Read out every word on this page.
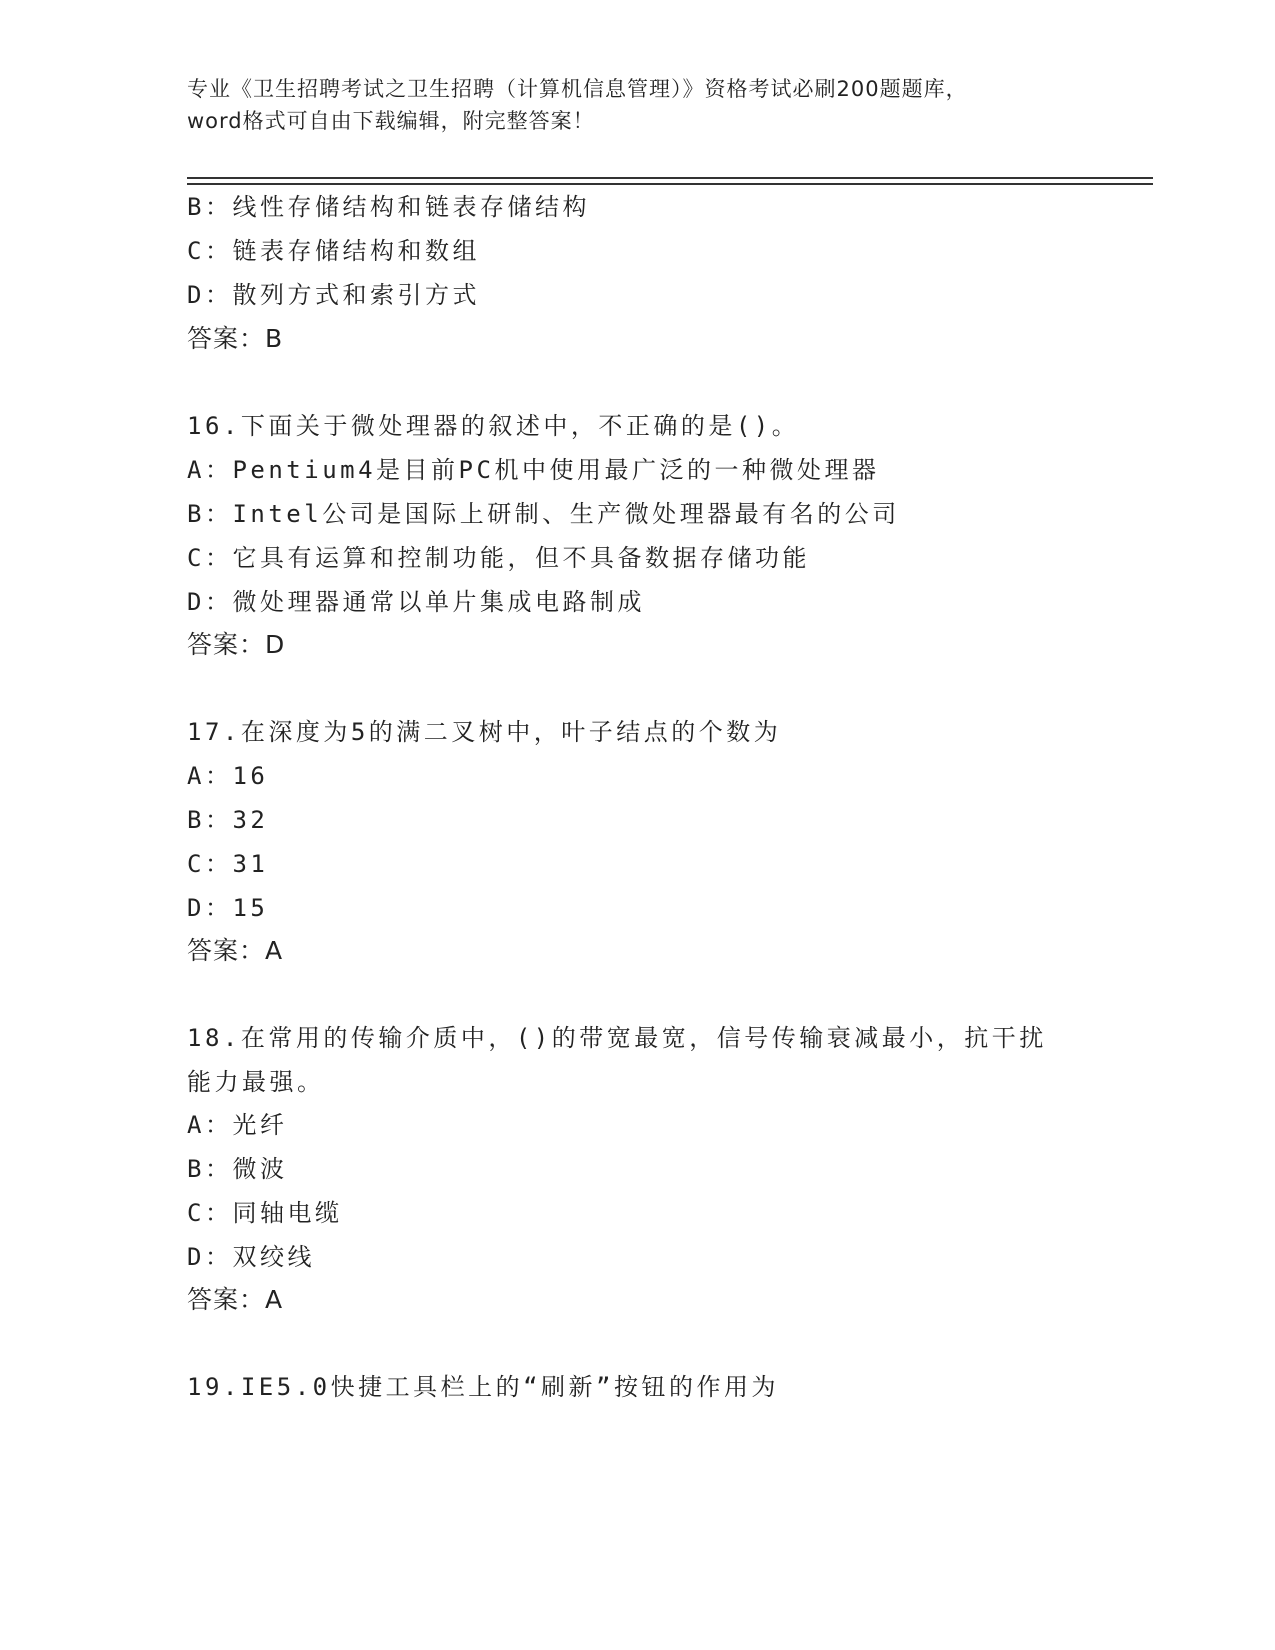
专业《卫生招聘考试之卫生招聘（计算机信息管理）》资格考试必刷200题题库，
word格式可自由下载编辑，附完整答案！
B：线性存储结构和链表存储结构
C：链表存储结构和数组
D：散列方式和索引方式
答案：B
16.下面关于微处理器的叙述中，不正确的是()。
A：Pentium4是目前PC机中使用最广泛的一种微处理器
B：Intel公司是国际上研制、生产微处理器最有名的公司
C：它具有运算和控制功能，但不具备数据存储功能
D：微处理器通常以单片集成电路制成
答案：D
17.在深度为5的满二叉树中，叶子结点的个数为
A：16
B：32
C：31
D：15
答案：A
18.在常用的传输介质中，()的带宽最宽，信号传输衰减最小，抗干扰
能力最强。
A：光纤
B：微波
C：同轴电缆
D：双绞线
答案：A
19.IE5.0快捷工具栏上的“刷新”按钮的作用为
